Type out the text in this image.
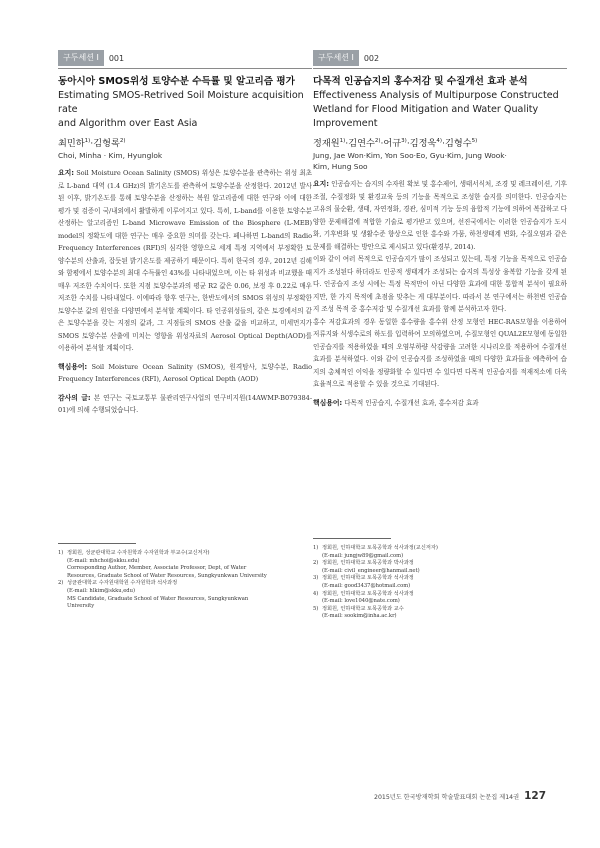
구두세션 I	001
동아시아 SMOS위성 토양수분 수득률 및 알고리즘 평가
Estimating SMOS-Retrived Soil Moisture acquisition rate
and Algorithm over East Asia
최민하$^{1)}$·김형록$^{2)}$
Choi, Minha · Kim, Hyunglok
요지: Soil Moisture Ocean Salinity (SMOS) 위성은 토양수분을 관측하는 위성 최초로 L-band 대역 (1.4 GHz)의 밝기온도를 관측하여 토양수분을 산정한다. 2012년 발사된 이후, 밝기온도를 통해 토양수분을 산정하는 복원 알고리즘에 대한 연구와 이에 대한 평가 및 검증이 국/내외에서 활발하게 이루어지고 있다. 특히, L-band를 이용한 토양수분 산정하는 알고리즘인 L-band Microwave Emission of the Biosphere (L-MEB) model의 정확도에 대한 연구는 매우 중요한 의미를 갖는다. 페나하면 L-band의 Radio Frequency Interferences (RFI)의 심각한 영향으로 세계 특정 지역에서 부정확한 토양수분의 산출과, 잡듯된 밝기온도를 제공하기 때문이다. 특히 한국의 경우, 2012년 김해와 함평에서 토양수분의 최대 수득률인 43%를 나타내었으며, 이는 타 위성과 비교했을 때 매우 저조한 수치이다. 또한 지점 토양수분과의 평균 R2 값은 0.06, 보정 후 0.22로 매우 저조한 수치를 나타내었다. 이에따라 향후 연구는, 한반도에서의 SMOS 위성의 부정확한 토양수분 값의 원인을 다양면에서 분석할 계획이다. 타 인공위성들의, 같은 토경에서의 같은 토양수분을 갖는 지점의 값과, 그 지점들의 SMOS 산출 값을 비교하고, 미세먼지가 SMOS 토양수분 산출에 미치는 영향을 위성자료의 Aerosol Optical Depth(AOD)를 이용하여 분석할 계획이다.
핵심용어: Soil Moisture Ocean Salinity (SMOS), 원격탐사, 토양수분, Radio Frequency Interferences (RFI), Aerosol Optical Depth (AOD)
감사의 글: 본 연구는 국토교통부 물관리연구사업의 연구비지원(14AWMP-B079384-01)에 의해 수행되었습니다.
1) 정회원, 성균관대학교 수자원학과 수자원학과 부교수(교신저자)
(E-mail: mhchoi@skku.edu)
Corresponding Author, Member, Associate Professor, Dept, of Water
Resources, Graduate School of Water Resources, Sungkyunkwan University
2) 성균관대학교 수자원대학원 수자원학과 석사과정
(E-mail: hlkim@skku,edu)
MS Candidate, Graduate School of Water Resources, Sungkyunkwan
University
구두세션 I	002
다목적 인공습지의 홍수저감 및 수질개선 효과 분석
Effectiveness Analysis of Multipurpose Constructed
Wetland for Flood Mitigation and Water Quality
Improvement
정재원$^{1)}$·김연수$^{2)}$·어규$^{3)}$·김정욱$^{4)}$·김형수$^{5)}$
Jung, Jae Won·Kim, Yon Soo·Eo, Gyu·Kim, Jung Wook·
Kim, Hung Soo
요지: 인공습지는 습지의 수자원 확보 및 홍수제어, 생태서식처, 조경 및 레크레이션, 기후조절, 수질정화 및 환경교육 등의 기능을 목적으로 조성한 습지를 의미한다. 인공습지는 고유의 물순환, 생태, 자연정화, 경관, 심미적 기능 등의 융합적 기능에 의하여 복잡하고 다양한 문제해결에 적합한 기술로 평가받고 있으며, 선진국에서는 이러한 인공습지가 도시화, 기후변화 및 생활수준 향상으로 인한 홍수와 가뭄, 하천생태계 변화, 수질오염과 같은 문제를 해결하는 방안으로 제시되고 있다(환경부, 2014).
이와 같이 여러 목적으로 인공습지가 많이 조성되고 있는데, 특정 기능을 목적으로 인공습지가 조성된다 하더라도 인공적 생태계가 조성되는 습지의 특성상 융복합 기능을 갖게 된다. 인공습지 조성 시에는 특정 목적만이 아닌 다양한 효과에 대한 통합적 분석이 필요하지만, 한 가지 목적에 초점을 맞추는 게 대부분이다. 따라서 본 연구에서는 하천변 인공습지 조성 목적 중 홍수저감 및 수질개선 효과를 함께 분석하고자 한다.
홍수 저감효과의 경우 동일한 홍수량을 홍수위 산정 모형인 HEC-RAS모형을 이용하여 저류지와 식생수로의 하도를 입력하여 모의하였으며, 수질모형인 QUAL2E모형에 동일한 인공습지를 적용하였을 때의 오염부하량 삭감량을 고려한 시나리오를 적용하여 수질개선효과를 분석하였다. 이와 같이 인공습지를 조성하였을 때의 다양한 효과들을 예측하여 습지의 총체적인 이익을 정량화할 수 있다면 수 있다면 다목적 인공습지를 적재적소에 더욱 효율적으로 적용할 수 있을 것으로 기대된다.
핵심용어: 다목적 인공습지, 수질개선 효과, 홍수저감 효과
1) 정회원, 인하대학교 토목공학과 석사과정(교신저자)
(E-mail: jungjw89@gmail.com)
2) 정회원, 인하대학교 토목공학과 박사과정
(E-mail: civil_engineer@hanmail.net)
3) 정회원, 인하대학교 토목공학과 석사과정
(E-mail: good3437@hotmail.com)
4) 정회원, 인하대학교 토목공학과 석사과정
(E-mail: love1040@nate.com)
5) 정회원, 인하대학교 토목공학과 교수
(E-mail: sookim@inha.ac.kr)
2015년도 한국방재학회 학술발표대회 논문집 제14권 127
